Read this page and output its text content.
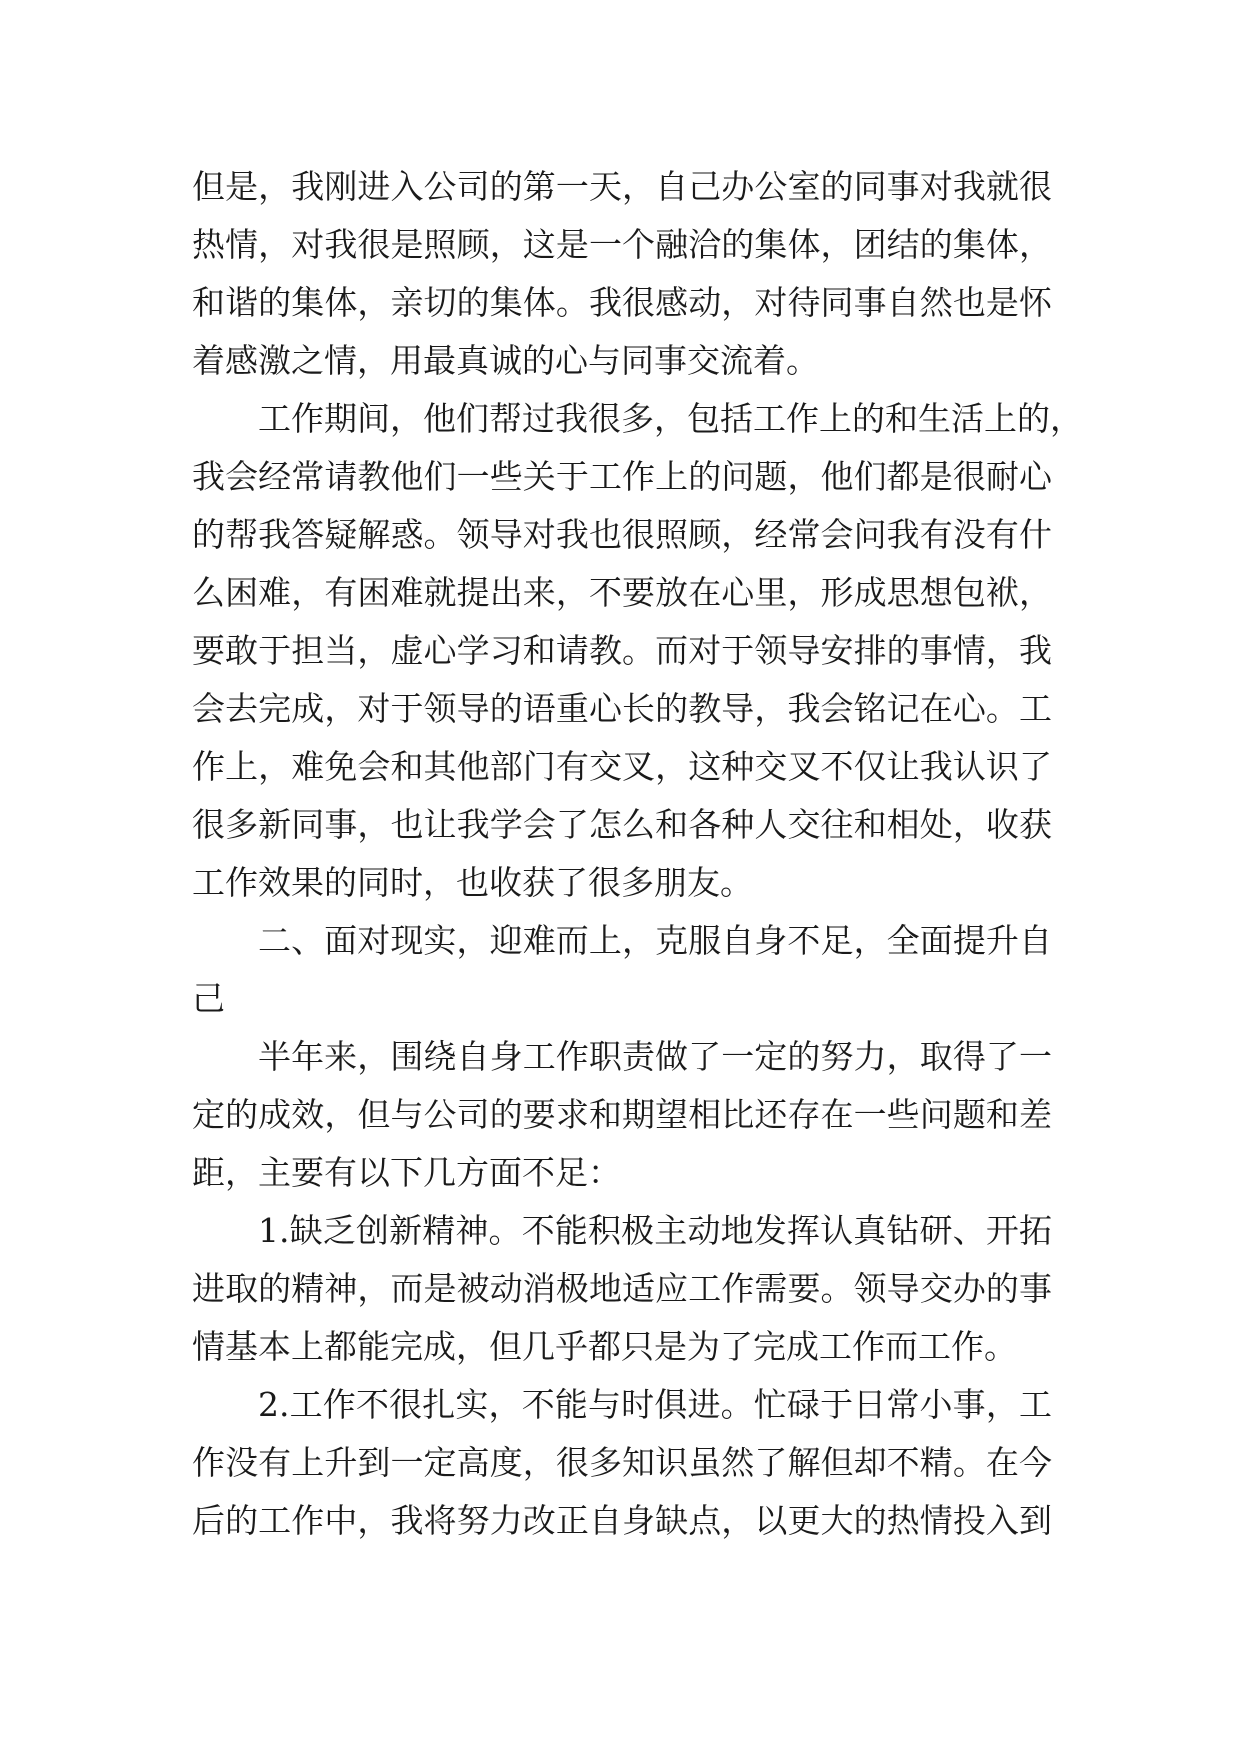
但是，我刚进入公司的第一天，自己办公室的同事对我就很
热情，对我很是照顾，这是一个融洽的集体，团结的集体，
和谐的集体，亲切的集体。我很感动，对待同事自然也是怀
着感激之情，用最真诚的心与同事交流着。
工作期间，他们帮过我很多，包括工作上的和生活上的，
我会经常请教他们一些关于工作上的问题，他们都是很耐心
的帮我答疑解惑。领导对我也很照顾，经常会问我有没有什
么困难，有困难就提出来，不要放在心里，形成思想包袱，
要敢于担当，虚心学习和请教。而对于领导安排的事情，我
会去完成，对于领导的语重心长的教导，我会铭记在心。工
作上，难免会和其他部门有交叉，这种交叉不仅让我认识了
很多新同事，也让我学会了怎么和各种人交往和相处，收获
工作效果的同时，也收获了很多朋友。
二、面对现实，迎难而上，克服自身不足，全面提升自
己
半年来，围绕自身工作职责做了一定的努力，取得了一
定的成效，但与公司的要求和期望相比还存在一些问题和差
距，主要有以下几方面不足：
1.缺乏创新精神。不能积极主动地发挥认真钻研、开拓
进取的精神，而是被动消极地适应工作需要。领导交办的事
情基本上都能完成，但几乎都只是为了完成工作而工作。
2.工作不很扎实，不能与时俱进。忙碌于日常小事，工
作没有上升到一定高度，很多知识虽然了解但却不精。在今
后的工作中，我将努力改正自身缺点，以更大的热情投入到
